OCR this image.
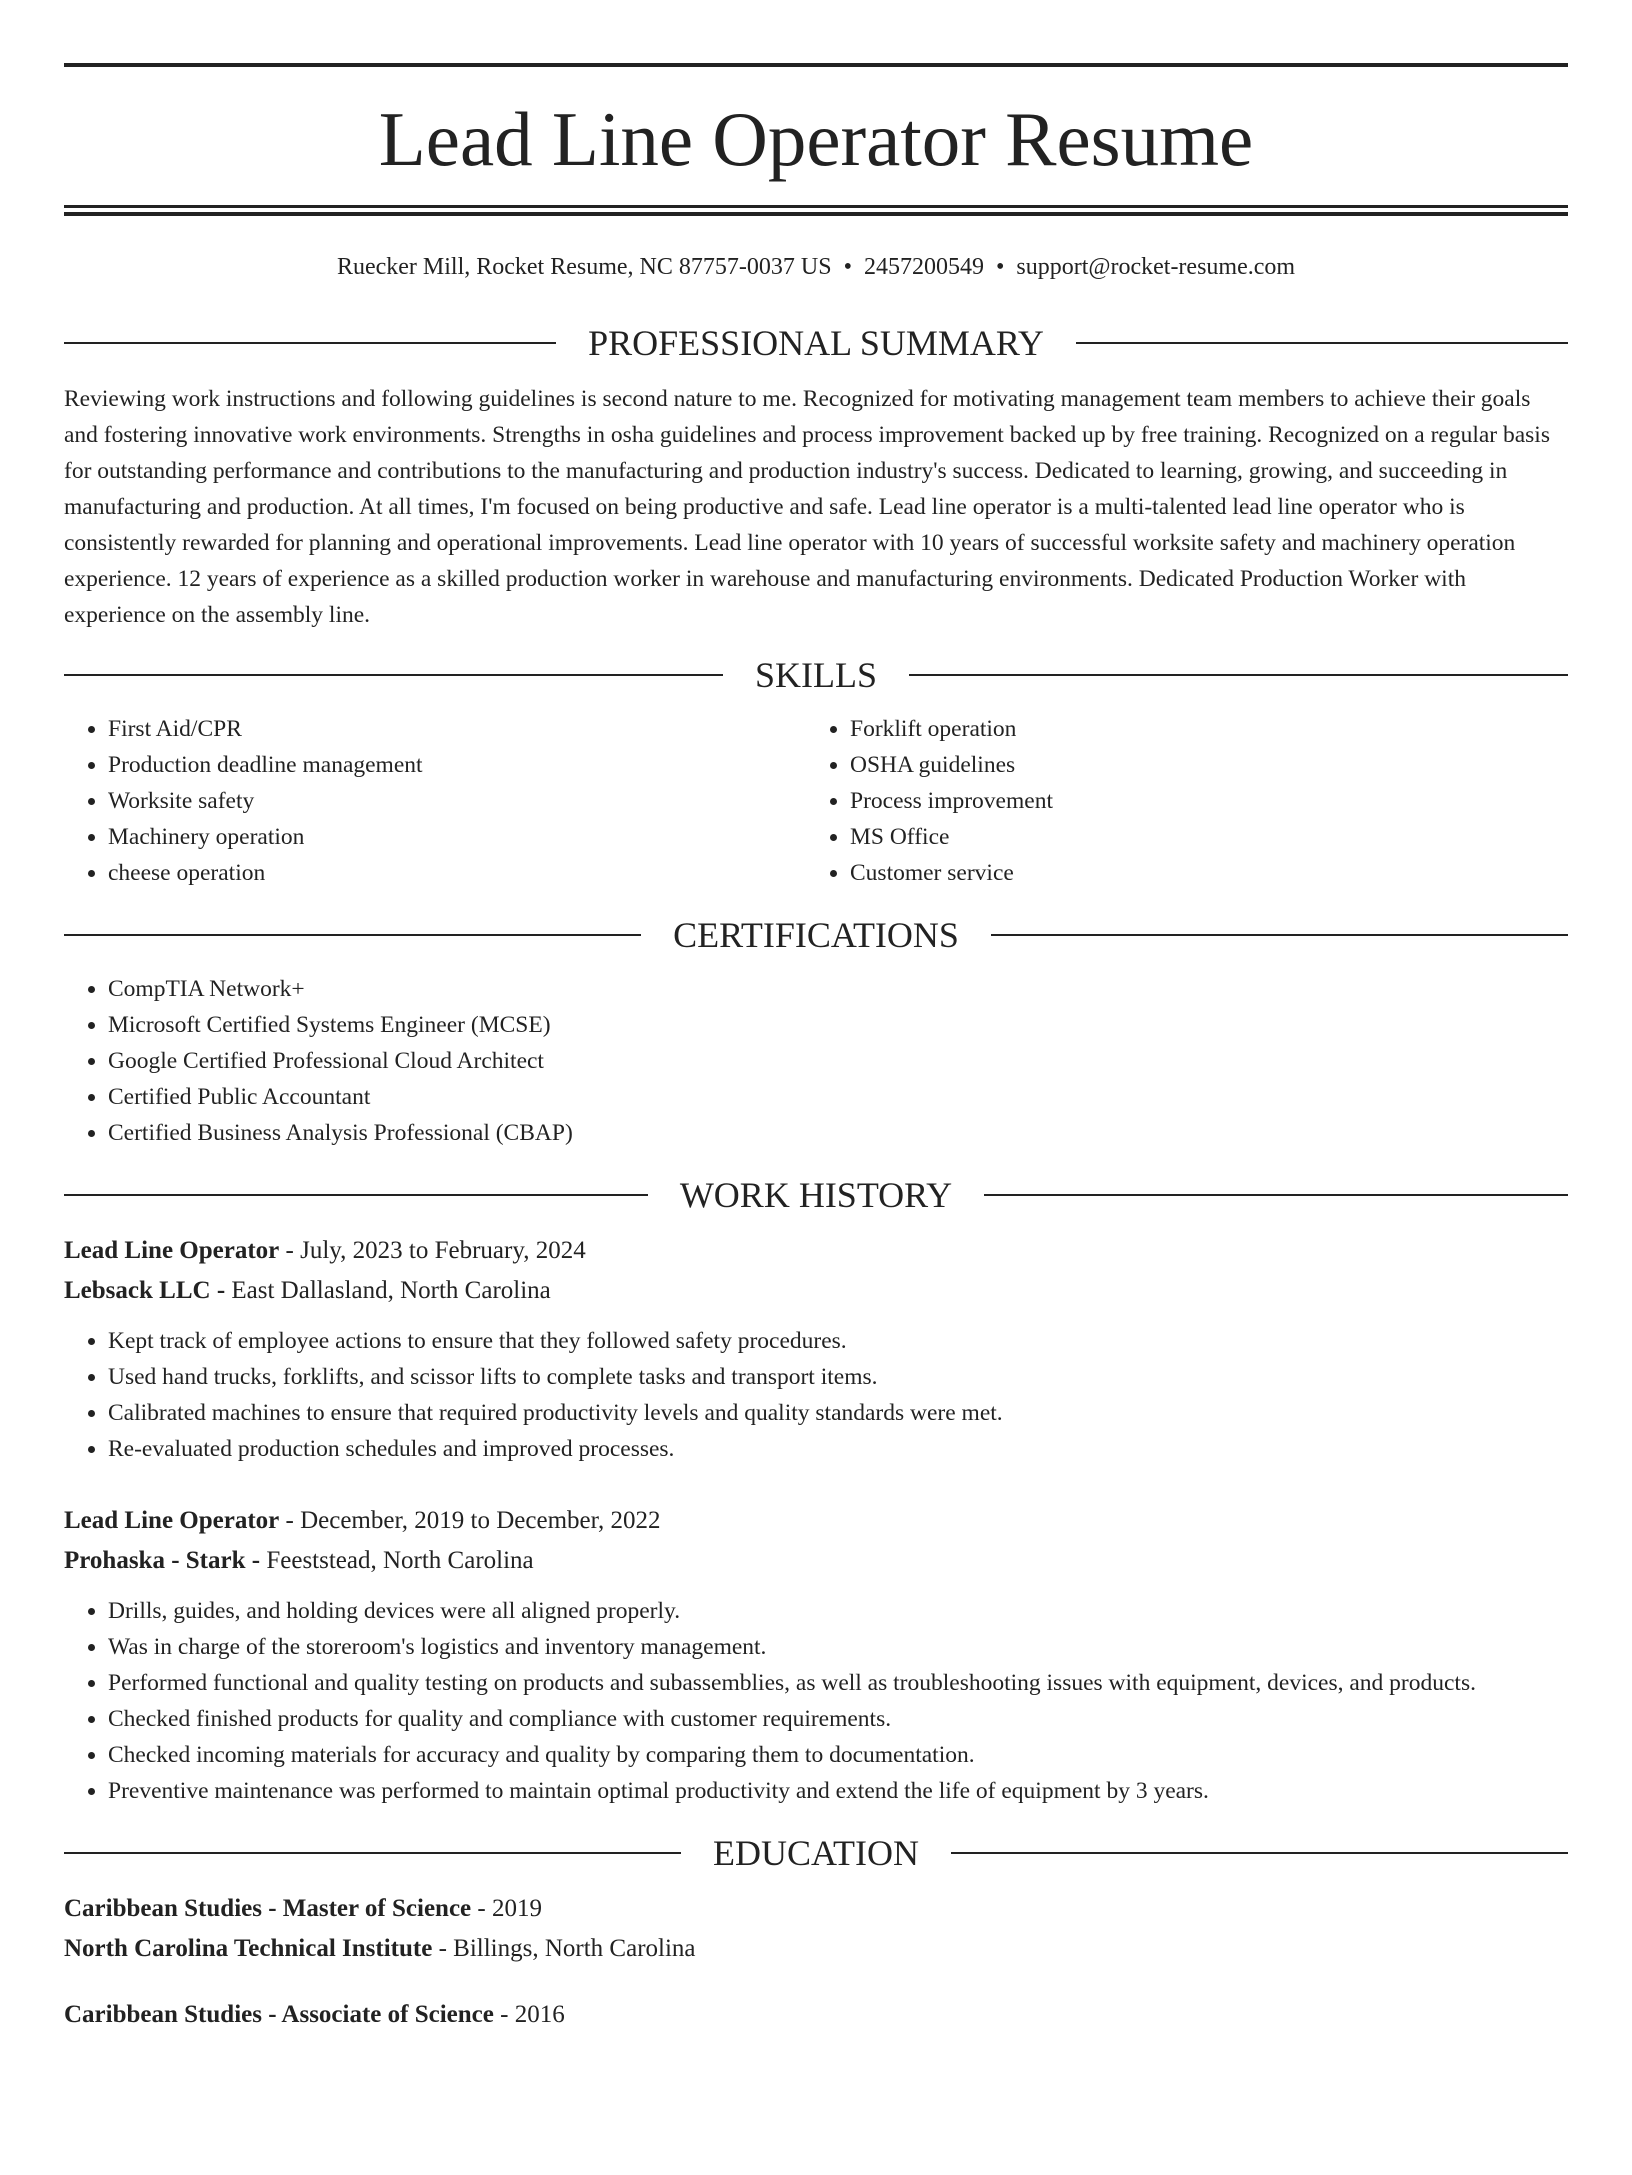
Lead Line Operator Resume
Ruecker Mill, Rocket Resume, NC 87757-0037 US • 2457200549 • support@rocket-resume.com
PROFESSIONAL SUMMARY

Reviewing work instructions and following guidelines is second nature to me. Recognized for motivating management team members to achieve their goals and fostering innovative work environments. Strengths in osha guidelines and process improvement backed up by free training. Recognized on a regular basis for outstanding performance and contributions to the manufacturing and production industry's success. Dedicated to learning, growing, and succeeding in manufacturing and production. At all times, I'm focused on being productive and safe. Lead line operator is a multi-talented lead line operator who is consistently rewarded for planning and operational improvements. Lead line operator with 10 years of successful worksite safety and machinery operation experience. 12 years of experience as a skilled production worker in warehouse and manufacturing environments. Dedicated Production Worker with experience on the assembly line.

SKILLS
• First Aid/CPR
• Production deadline management
• Worksite safety
• Machinery operation
• cheese operation
• Forklift operation
• OSHA guidelines
• Process improvement
• MS Office
• Customer service
CERTIFICATIONS
• CompTIA Network+
• Microsoft Certified Systems Engineer (MCSE)
• Google Certified Professional Cloud Architect
• Certified Public Accountant
• Certified Business Analysis Professional (CBAP)
WORK HISTORY
Lead Line Operator - July, 2023 to February, 2024
Lebsack LLC - East Dallasland, North Carolina
• Kept track of employee actions to ensure that they followed safety procedures.
• Used hand trucks, forklifts, and scissor lifts to complete tasks and transport items.
• Calibrated machines to ensure that required productivity levels and quality standards were met.
• Re-evaluated production schedules and improved processes.
Lead Line Operator - December, 2019 to December, 2022
Prohaska - Stark - Feeststead, North Carolina
• Drills, guides, and holding devices were all aligned properly.
• Was in charge of the storeroom's logistics and inventory management.
• Performed functional and quality testing on products and subassemblies, as well as troubleshooting issues with equipment, devices, and products.
• Checked finished products for quality and compliance with customer requirements.
• Checked incoming materials for accuracy and quality by comparing them to documentation.
• Preventive maintenance was performed to maintain optimal productivity and extend the life of equipment by 3 years.
EDUCATION
Caribbean Studies - Master of Science - 2019
North Carolina Technical Institute - Billings, North Carolina
Caribbean Studies - Associate of Science - 2016
